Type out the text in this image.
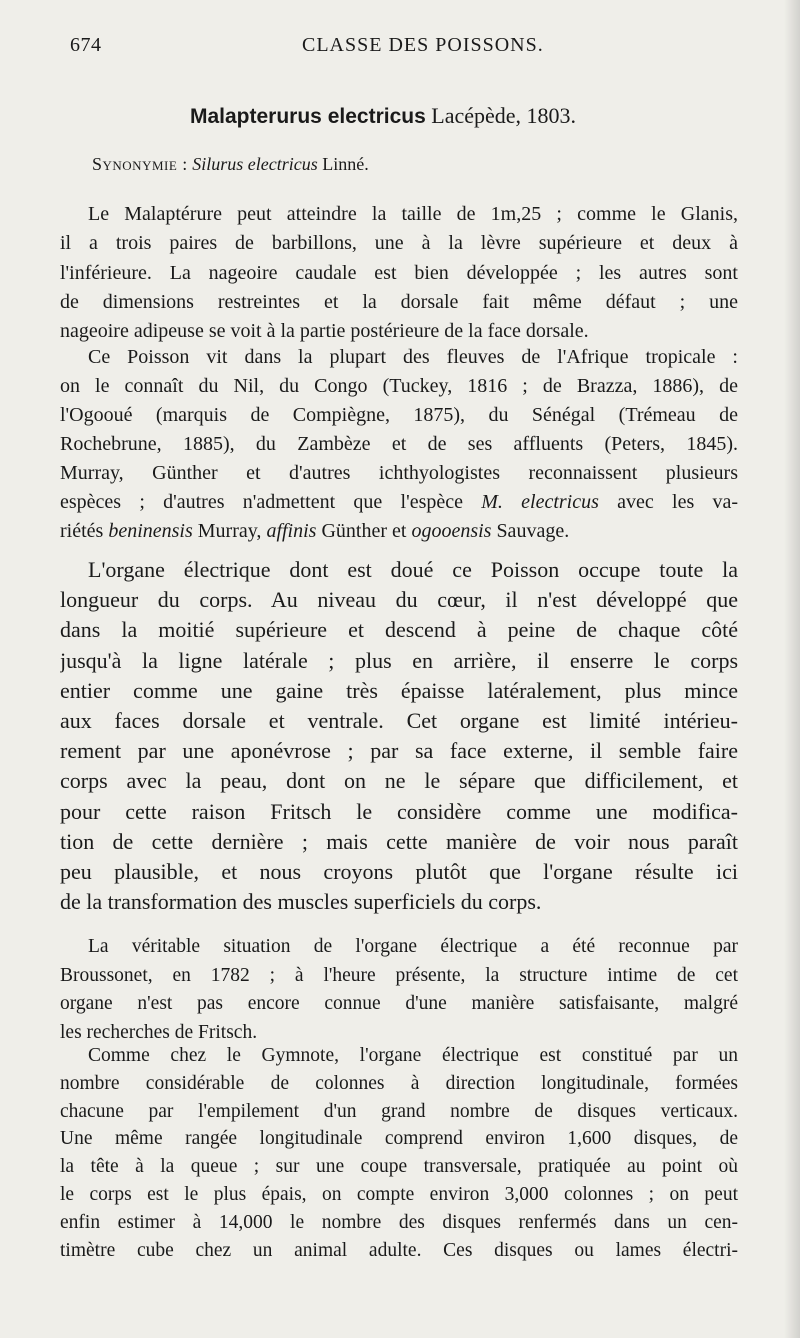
674	CLASSE DES POISSONS.
Malapterurus electricus Lacépède, 1803.
Synonymie : Silurus electricus Linné.
Le Malaptérure peut atteindre la taille de 1m,25 ; comme le Glanis,
il a trois paires de barbillons, une à la lèvre supérieure et deux à
l'inférieure. La nageoire caudale est bien développée ; les autres sont
de dimensions restreintes et la dorsale fait même défaut ; une
nageoire adipeuse se voit à la partie postérieure de la face dorsale.
Ce Poisson vit dans la plupart des fleuves de l'Afrique tropicale :
on le connaît du Nil, du Congo (Tuckey, 1816 ; de Brazza, 1886), de
l'Ogooué (marquis de Compiègne, 1875), du Sénégal (Trémeau de
Rochebrune, 1885), du Zambèze et de ses affluents (Peters, 1845).
Murray, Günther et d'autres ichthyologistes reconnaissent plusieurs
espèces ; d'autres n'admettent que l'espèce M. electricus avec les va-
riétés beninensis Murray, affinis Günther et ogooensis Sauvage.
L'organe électrique dont est doué ce Poisson occupe toute la
longueur du corps. Au niveau du cœur, il n'est développé que
dans la moitié supérieure et descend à peine de chaque côté
jusqu'à la ligne latérale ; plus en arrière, il enserre le corps
entier comme une gaine très épaisse latéralement, plus mince
aux faces dorsale et ventrale. Cet organe est limité intérieu-
rement par une aponévrose ; par sa face externe, il semble faire
corps avec la peau, dont on ne le sépare que difficilement, et
pour cette raison Fritsch le considère comme une modifica-
tion de cette dernière ; mais cette manière de voir nous paraît
peu plausible, et nous croyons plutôt que l'organe résulte ici
de la transformation des muscles superficiels du corps.
La véritable situation de l'organe électrique a été reconnue par
Broussonet, en 1782 ; à l'heure présente, la structure intime de cet
organe n'est pas encore connue d'une manière satisfaisante, malgré
les recherches de Fritsch.
Comme chez le Gymnote, l'organe électrique est constitué par un
nombre considérable de colonnes à direction longitudinale, formées
chacune par l'empilement d'un grand nombre de disques verticaux.
Une même rangée longitudinale comprend environ 1,600 disques, de
la tête à la queue ; sur une coupe transversale, pratiquée au point où
le corps est le plus épais, on compte environ 3,000 colonnes ; on peut
enfin estimer à 14,000 le nombre des disques renfermés dans un cen-
timètre cube chez un animal adulte. Ces disques ou lames électri-
